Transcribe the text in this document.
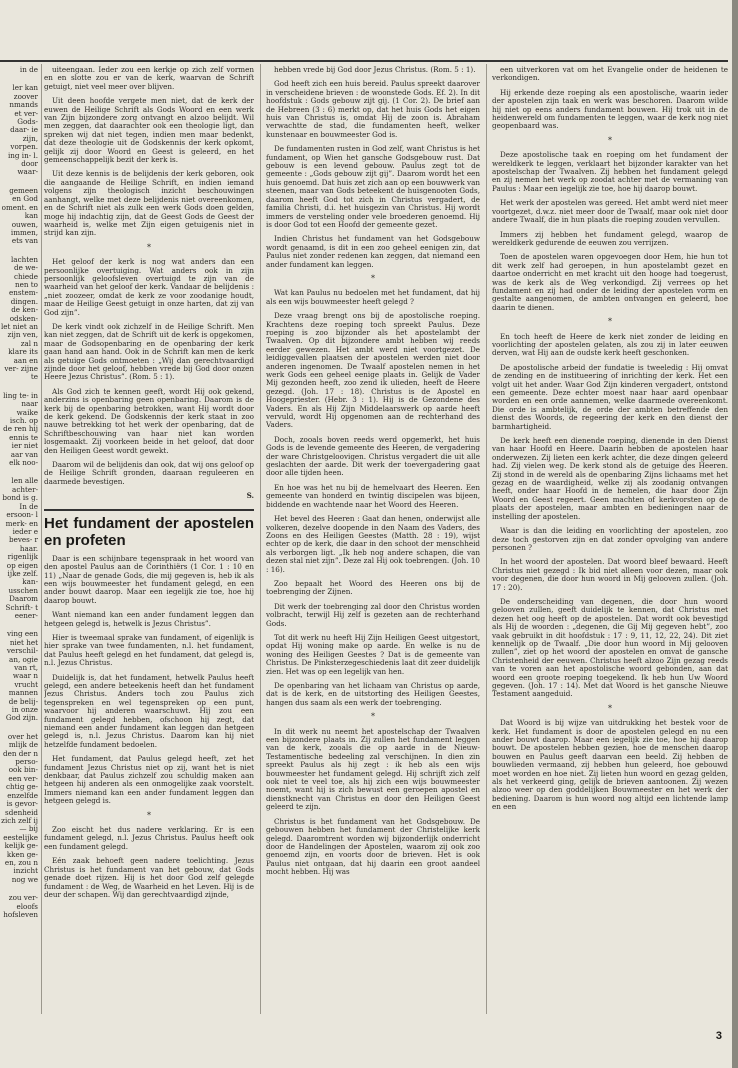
in de

ler kan zoover nmands et ver- Gods- daar- ie zijn, vorpen. ing in- l. door waar-

gemeen en God oment. en kan ouwen, immen, ets van

lachten de we- chiede nen to enstem- dingen. de ken- odsken- let niet an zijn ven, zal n klare its aan en ver- zijne te

ling te- in naar waike isch. op de ren hij ennis te ier niet aar van elk noo-

len alle achter- bond is g. In de ersoon- l merk- en ieder e beves- r haar. rigenlijk op eigen ijke zelf. kan- usschen Daarom Schrift- t eener-

ving een niet het verschil- an, ogie van rt, waar n vrucht mannen de belij- in onze God zijn.

over het mlijk de den der n perso- ook bin- een ver- chtig ge- enzelfde is gevor- sdenheid zich zelf ij — bij eestelijke kelijk ge- kken ge- en, zou n inzicht nog we

zou ver- eloofs hofsleven

uiteengaan. Ieder zou een kerkje op zich zelf vormen en en slotte zou er van de kerk, waarvan de Schrift getuigt, niet veel meer over blijven.

Uit deen hoofde vergete men niet, dat de kerk der euwen de Heilige Schrift als Gods Woord en een werk van Zijn bijzondere zorg ontvangt en alzoo belijdt. Wil men zeggen, dat daarachter ook een theologie ligt, dan spreken wij dat niet tegen, indien men maar bedenkt, dat deze theologie uit de Godskennis der kerk opkomt, gelijk zij door Woord en Geest is geleerd, en het gemeenschappelijk bezit der kerk is.

Uit deze kennis is de belijdenis der kerk geboren, ook die aangaande de Heilige Schrift, en indien iemand volgens zijn theologisch inzicht beschouwingen aanhangt, welke met deze belijdenis niet overeenkomen, en de Schrift niet als zulk een werk Gods doen gelden, moge hij indachtig zijn, dat de Geest Gods de Geest der waarheid is, welke met Zijn eigen getuigenis niet in strijd kan zijn.

*

Het geloof der kerk is nog wat anders dan een persoonlijke overtuiging. Wat anders ook in zijn persoonlijk geloofsleven overtuigd te zijn van de waarheid van het geloof der kerk. Vandaar de belijdenis : „niet zoozeer, omdat de kerk ze voor zoodanige houdt, maar de Heilige Geest getuigt in onze harten, dat zij van God zijn”.

De kerk vindt ook zichzelf in de Heilige Schrift. Men kan niet zeggen, dat de Schrift uit de kerk is opgekomen, maar de Godsopenbaring en de openbaring der kerk gaan hand aan hand. Ook in de Schrift kan men de kerk als getuige Gods ontmoeten : „Wij dan gerechtvaardigd zijnde door het geloof, hebben vrede bij God door onzen Heere Jezus Christus”. (Rom. 5 : 1).

Als God zich te kennen geeft, wordt Hij ook gekend, anderzins is openbaring geen openbaring. Daarom is de kerk bij de openbaring betrokken, want Hij wordt door de kerk gekend. De Godskennis der kerk staat in zoo nauwe betrekking tot het werk der openbaring, dat de Schriftbeschouwing van haar niet kan worden losgemaakt. Zij voorkeen beide in het geloof, dat door den Heiligen Geest wordt gewekt.

Daarom wil de belijdenis dan ook, dat wij ons geloof op de Heilige Schrift gronden, daaraan reguleeren en daarmede bevestigen.

S.

Het fundament der apostelen en profeten

Daar is een schijnbare tegenspraak in het woord van den apostel Paulus aan de Corinthiërs (1 Cor. 1 : 10 en 11) „Naar de genade Gods, die mij gegeven is, heb ik als een wijs bouwmeester het fundament gelegd, en een ander bouwt daarop. Maar een iegelijk zie toe, hoe hij daarop bouwt.

Want niemand kan een ander fundament leggen dan hetgeen gelegd is, hetwelk is Jezus Christus”.

Hier is tweemaal sprake van fundament, of eigenlijk is hier sprake van twee fundamenten, n.l. het fundament, dat Paulus heeft gelegd en het fundament, dat gelegd is, n.l. Jezus Christus.

Duidelijk is, dat het fundament, hetwelk Paulus heeft gelegd, een andere beteekenis heeft dan het fundament Jezus Christus. Anders toch zou Paulus zich tegenspreken en wel tegenspreken op een punt, waarvoor hij anderen waarschuwt. Hij zou een fundament gelegd hebben, ofschoon hij zegt, dat niemand een ander fundament kan leggen dan hetgeen gelegd is, n.l. Jezus Christus. Daarom kan hij niet hetzelfde fundament bedoelen.

Het fundament, dat Paulus gelegd heeft, zet het fundament Jezus Christus niet op zij, want het is niet denkbaar, dat Paulus zichzelf zou schuldig maken aan hetgeen hij anderen als een onmogelijke zaak voorstelt. Immers niemand kan een ander fundament leggen dan hetgeen gelegd is.

*

Zoo eischt het dus nadere verklaring. Er is een fundament gelegd, n.l. Jezus Christus. Paulus heeft ook een fundament gelegd.

Eén zaak behoeft geen nadere toelichting. Jezus Christus is het fundament van het gebouw, dat Gods genade doet rijzen. Hij is het door God zelf gelegde fundament : de Weg, de Waarheid en het Leven. Hij is de deur der schapen. Wij dan gerechtvaardigd zijnde,

hebben vrede bij God door Jezus Christus. (Rom. 5 : 1).

God heeft zich een huis bereid. Paulus spreekt daarover in verscheidene brieven : de woonstede Gods. Ef. 2). In dit hoofdstuk : Gods gebouw zijt gij. (1 Cor. 2). De brief aan de Hebreen (3 : 6) merkt op, dat het huis Gods het eigen huis van Christus is, omdat Hij de zoon is. Abraham verwachtte de stad, die fundamenten heeft, welker kunstenaar en bouwmeester God is.

De fundamenten rusten in God zelf, want Christus is het fundament, op Wien het gansche Godsgebouw rust. Dat gebouw is een levend gebouw. Paulus zegt tot de gemeente : „Gods gebouw zijt gij”. Daarom wordt het een huis genoemd. Dat huis zet zich aan op een bouwwerk van steenen, maar van Gods beteekent de huisgenooten Gods, daarom heeft God tot zich in Christus vergadert, de familia Christi, d.i. het huisgezin van Christus. Hij wordt immers de versteling onder vele broederen genoemd. Hij is door God tot een Hoofd der gemeente gezet.

Indien Christus het fundament van het Godsgebouw wordt genaamd, is dit in een zoo geheel eenigen zin, dat Paulus niet zonder redenen kan zeggen, dat niemand een ander fundament kan leggen.

*

Wat kan Paulus nu bedoelen met het fundament, dat hij als een wijs bouwmeester heeft gelegd ?

Deze vraag brengt ons bij de apostolische roeping. Krachtens deze roeping toch spreekt Paulus. Deze roeping is zoo bijzonder als het apostelambt der Twaalven. Op dit bijzondere ambt hebben wij reeds eerder gewezen. Het ambt werd niet voortgezet. De leidiggevallen plaatsen der apostelen werden niet door anderen ingenomen. De Twaalf apostelen nemen in het werk Gods een geheel eenige plaats in. Gelijk de Vader Mij gezonden heeft, zoo zend ik ulieden, heeft de Heere gezegd. (Joh. 17 : 18). Christus is de Apostel en Hoogepriester. (Hebr. 3 : 1). Hij is de Gezondene des Vaders. En als Hij Zijn Middelaarswerk op aarde heeft vervuld, wordt Hij opgenomen aan de rechterhand des Vaders.

Doch, zooals boven reeds werd opgemerkt, het huis Gods is de levende gemeente des Heeren, de vergadering der ware Christgeloovigen. Christus vergadert die uit alle geslachten der aarde. Dit werk der toevergadering gaat door alle tijden heen.

En hoe was het nu bij de hemelvaart des Heeren. Een gemeente van honderd en twintig discipelen was bijeen, biddende en wachtende naar het Woord des Heeren.

Het bevel des Heeren : Gaat dan henen, onderwijst alle volkeren, dezelve doopende in den Naam des Vaders, des Zoons en des Heiligen Geestes (Matth. 28 : 19), wijst echter op de kerk, die daar in den schoot der menschheid als verborgen ligt. „Ik heb nog andere schapen, die van dezen stal niet zijn”. Deze zal Hij ook toebrengen. (Joh. 10 : 16).

Zoo bepaalt het Woord des Heeren ons bij de toebrenging der Zijnen.

Dit werk der toebrenging zal door den Christus worden volbracht, terwijl Hij zelf is gezeten aan de rechterhand Gods.

Tot dit werk nu heeft Hij Zijn Heiligen Geest uitgestort, opdat Hij woning make op aarde. En welke is nu de woning des Heiligen Geestes ? Dat is de gemeente van Christus. De Pinksterzegeschiedenis laat dit zeer duidelijk zien. Het was op een legelijk van hen.

De openbaring van het lichaam van Christus op aarde, dat is de kerk, en de uitstorting des Heiligen Geestes, hangen dus saam als een werk der toebrenging.

*

In dit werk nu neemt het apostelschap der Twaalven een bijzondere plaats in. Zij zullen het fundament leggen van de kerk, zooals die op aarde in de Nieuw-Testamentische bedeeling zal verschijnen. In dien zin spreekt Paulus als hij zegt : ik heb als een wijs bouwmeester het fundament gelegd. Hij schrijft zich zelf ook niet te veel toe, als hij zich een wijs bouwmeester noemt, want hij is zich bewust een geroepen apostel en dienstknecht van Christus en door den Heiligen Geest geleerd te zijn.

Christus is het fundament van het Godsgebouw. De gebouwen hebben het fundament der Christelijke kerk gelegd. Daaromtrent worden wij bijzonderlijk onderricht door de Handelingen der Apostelen, waarom zij ook zoo genoemd zijn, en voorts door de brieven. Het is ook Paulus niet ontgaan, dat hij daarin een groot aandeel mocht hebben. Hij was

een uitverkoren vat om het Evangelie onder de heidenen te verkondigen.

Hij erkende deze roeping als een apostolische, waarin ieder der apostelen zijn taak en werk was beschoren. Daarom wilde hij niet op eens anders fundament bouwen. Hij trok uit in de heidenwereld om fundamenten te leggen, waar de kerk nog niet geopenbaard was.

*

Deze apostolische taak en roeping om het fundament der wereldkerk te leggen, verklaart het bijzonder karakter van het apostelschap der Twaalven. Zij hebben het fundament gelegd en zij nemen het werk op zoodat achter met de vermaning van Paulus : Maar een iegelijk zie toe, hoe hij daarop bouwt.

Het werk der apostelen was gereed. Het ambt werd niet meer voortgezet, d.w.z. niet meer door de Twaalf, maar ook niet door andere Twaalf, die in hun plaats die roeping zouden vervullen.

Immers zij hebben het fundament gelegd, waarop de wereldkerk gedurende de eeuwen zou verrijzen.

Toen de apostelen waren opgevoegen door Hem, hie hun tot dit werk zelf had geroepen, in hun apostelambt gezet en daartoe onderricht en met kracht uit den hooge had toegerust, was de kerk als de Weg verkondigd. Zij verrees op het fundament en zij had onder de leiding der apostelen vorm en gestalte aangenomen, de ambten ontvangen en geleerd, hoe daarin te dienen.

*

En toch heeft de Heere de kerk niet zonder de leiding en voorlichting der apostelen gelaten, als zou zij in later eeuwen derven, wat Hij aan de oudste kerk heeft geschonken.

De apostolische arbeid der fundatie is tweeledig : Hij omvat de zending en de institueering of inrichting der kerk. Het een volgt uit het ander. Waar God Zijn kinderen vergadert, ontstond een gemeente. Deze echter moest naar haar aard openbaar worden en een orde aannemen, welke daarmede overeenkomt. Die orde is ambtelijk, de orde der ambten betreffende den dienst des Woords, de regeering der kerk en den dienst der barmhartigheid.

De kerk heeft een dienende roeping, dienende in den Dienst van haar Hoofd en Heere. Daarin hebben de apostelen haar onderwezen. Zij lieten een kerk achter, die deze dingen geleerd had. Zij vielen weg. De kerk stond als de getuige des Heeren. Zij stond in de wereld als de openbaring Zijns lichaams met het gezag en de waardigheid, welke zij als zoodanig ontvangen heeft, onder haar Hoofd in de hemelen, die haar door Zijn Woord en Geest regeert. Geen machten of kerkvorsten op de plaats der apostelen, maar ambten en bedieningen naar de instelling der apostelen.

Waar is dan die leiding en voorlichting der apostelen, zoo deze toch gestorven zijn en dat zonder opvolging van andere personen ?

In het woord der apostelen. Dat woord bleef bewaard. Heeft Christus niet gezegd : Ik bid niet alleen voor dezen, maar ook voor degenen, die door hun woord in Mij gelooven zullen. (Joh. 17 : 20).

De onderscheiding van degenen, die door hun woord gelooven zullen, geeft duidelijk te kennen, dat Christus met dezen het oog heeft op de apostelen. Dat wordt ook bevestigd als Hij de woorden : „degenen, die Gij Mij gegeven hebt”, zoo vaak gebruikt in dit hoofdstuk : 17 : 9, 11, 12, 22, 24). Dit ziet kennelijk op de Twaalf. „Die door hun woord in Mij gelooven zullen”, ziet op het woord der apostelen en omvat de gansche Christenheid der eeuwen. Christus heeft alzoo Zijn gezag reeds van te voren aan het apostolische woord gebonden, aan dat woord een groote roeping toegekend. Ik heb hun Uw Woord gegeven. (Joh. 17 : 14). Met dat Woord is het gansche Nieuwe Testament aangeduid.

*

Dat Woord is bij wijze van uitdrukking het bestek voor de kerk. Het fundament is door de apostelen gelegd en nu een ander bouwt daarop. Maar een iegelijk zie toe, hoe hij daarop bouwt. De apostelen hebben gezien, hoe de menschen daarop bouwen en Paulus geeft daarvan een beeld. Zij hebben de bouwlieden vermaand, zij hebben hun geleerd, hoe gebouwd moet worden en hoe niet. Zij lieten hun woord en gezag gelden, als het verkeerd ging, gelijk de brieven aantoonen. Zij wezen alzoo weer op den goddelijken Bouwmeester en het werk der bediening. Daarom is hun woord nog altijd een lichtende lamp en een

3
